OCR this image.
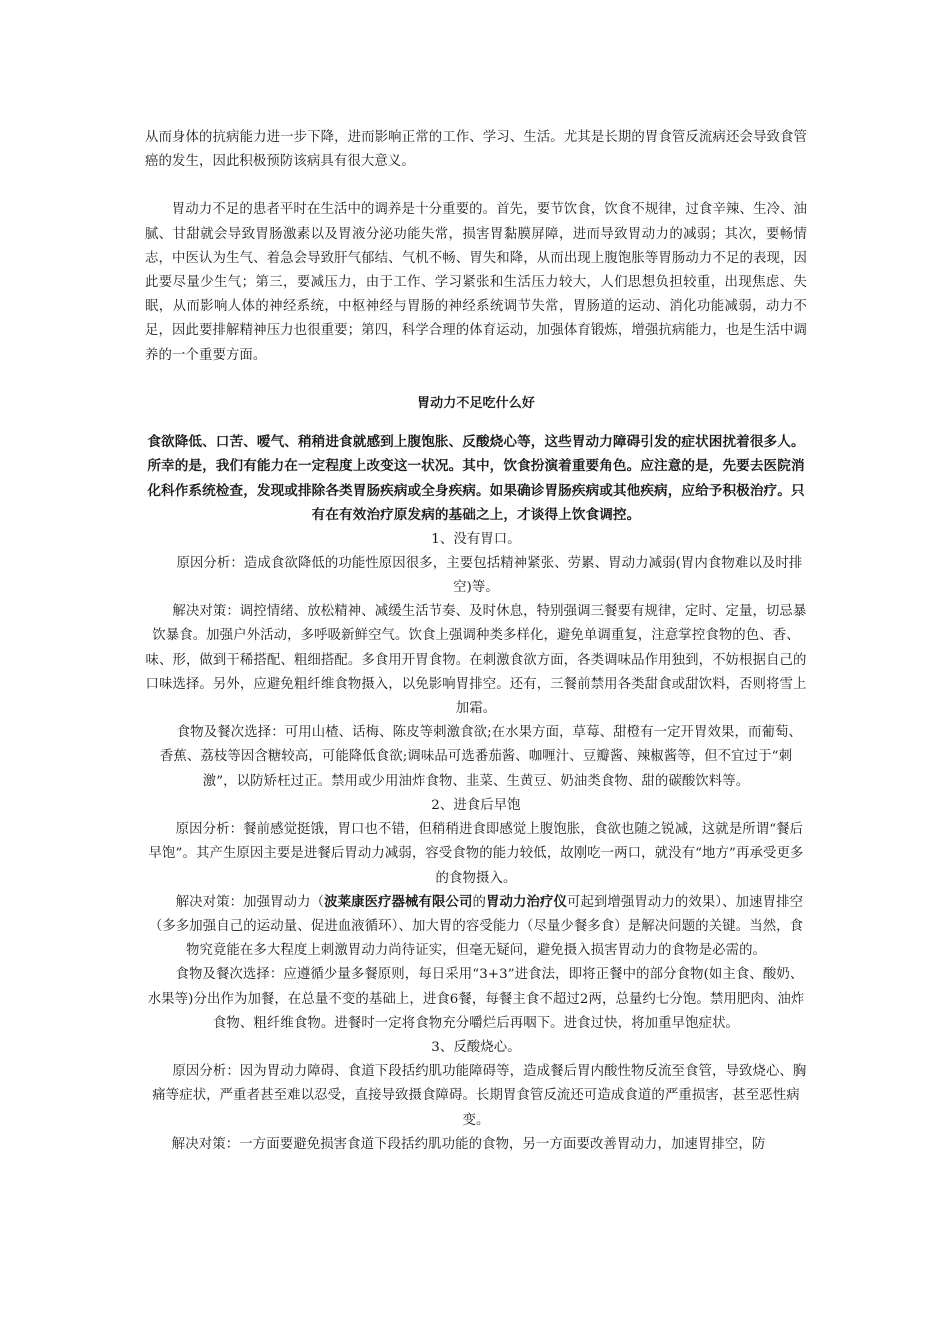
从而身体的抗病能力进一步下降，进而影响正常的工作、学习、生活。尤其是长期的胃食管反流病还会导致食管癌的发生，因此积极预防该病具有很大意义。

胃动力不足的患者平时在生活中的调养是十分重要的。首先，要节饮食，饮食不规律，过食辛辣、生冷、油腻、甘甜就会导致胃肠激素以及胃液分泌功能失常，损害胃黏膜屏障，进而导致胃动力的减弱；其次，要畅情志，中医认为生气、着急会导致肝气郁结、气机不畅、胃失和降，从而出现上腹饱胀等胃肠动力不足的表现，因此要尽量少生气；第三，要减压力，由于工作、学习紧张和生活压力较大，人们思想负担较重，出现焦虑、失眠，从而影响人体的神经系统，中枢神经与胃肠的神经系统调节失常，胃肠道的运动、消化功能减弱，动力不足，因此要排解精神压力也很重要；第四，科学合理的体育运动，加强体育锻炼，增强抗病能力，也是生活中调养的一个重要方面。

胃动力不足吃什么好

食欲降低、口苦、嗳气、稍稍进食就感到上腹饱胀、反酸烧心等，这些胃动力障碍引发的症状困扰着很多人。所幸的是，我们有能力在一定程度上改变这一状况。其中，饮食扮演着重要角色。应注意的是，先要去医院消化科作系统检查，发现或排除各类胃肠疾病或全身疾病。如果确诊胃肠疾病或其他疾病，应给予积极治疗。只有在有效治疗原发病的基础之上，才谈得上饮食调控。

1、没有胃口。

原因分析：造成食欲降低的功能性原因很多，主要包括精神紧张、劳累、胃动力减弱(胃内食物难以及时排空)等。

解决对策：调控情绪、放松精神、减缓生活节奏、及时休息，特别强调三餐要有规律，定时、定量，切忌暴饮暴食。加强户外活动，多呼吸新鲜空气。饮食上强调种类多样化，避免单调重复，注意掌控食物的色、香、味、形，做到干稀搭配、粗细搭配。多食用开胃食物。在刺激食欲方面，各类调味品作用独到，不妨根据自己的口味选择。另外，应避免粗纤维食物摄入，以免影响胃排空。还有，三餐前禁用各类甜食或甜饮料，否则将雪上加霜。

食物及餐次选择：可用山楂、话梅、陈皮等刺激食欲;在水果方面，草莓、甜橙有一定开胃效果，而葡萄、香蕉、荔枝等因含糖较高，可能降低食欲;调味品可选番茄酱、咖喱汁、豆瓣酱、辣椒酱等，但不宜过于“刺激”，以防矫枉过正。禁用或少用油炸食物、韭菜、生黄豆、奶油类食物、甜的碳酸饮料等。

2、进食后早饱

原因分析：餐前感觉挺饿，胃口也不错，但稍稍进食即感觉上腹饱胀，食欲也随之锐减，这就是所谓“餐后早饱”。其产生原因主要是进餐后胃动力减弱，容受食物的能力较低，故刚吃一两口，就没有“地方”再承受更多的食物摄入。

解决对策：加强胃动力（波莱康医疗器械有限公司的胃动力治疗仪可起到增强胃动力的效果）、加速胃排空（多多加强自己的运动量、促进血液循环）、加大胃的容受能力（尽量少餐多食）是解决问题的关键。当然，食物究竟能在多大程度上刺激胃动力尚待证实，但毫无疑问，避免摄入损害胃动力的食物是必需的。

食物及餐次选择：应遵循少量多餐原则，每日采用“3+3”进食法，即将正餐中的部分食物(如主食、酸奶、水果等)分出作为加餐，在总量不变的基础上，进食6餐，每餐主食不超过2两，总量约七分饱。禁用肥肉、油炸食物、粗纤维食物。进餐时一定将食物充分嚼烂后再咽下。进食过快，将加重早饱症状。

3、反酸烧心。

原因分析：因为胃动力障碍、食道下段括约肌功能障碍等，造成餐后胃内酸性物反流至食管，导致烧心、胸痛等症状，严重者甚至难以忍受，直接导致摄食障碍。长期胃食管反流还可造成食道的严重损害，甚至恶性病变。

解决对策：一方面要避免损害食道下段括约肌功能的食物，另一方面要改善胃动力，加速胃排空，防
